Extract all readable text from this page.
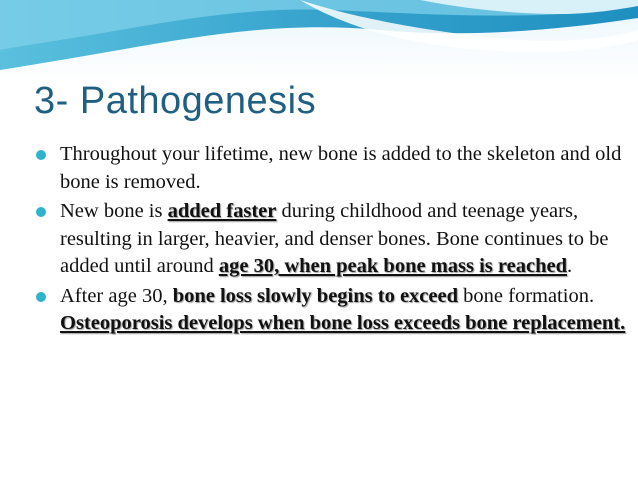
3- Pathogenesis
Throughout your lifetime, new bone is added to the skeleton and old bone is removed.
New bone is added faster during childhood and teenage years, resulting in larger, heavier, and denser bones. Bone continues to be added until around age 30, when peak bone mass is reached.
After age 30, bone loss slowly begins to exceed bone formation. Osteoporosis develops when bone loss exceeds bone replacement.
